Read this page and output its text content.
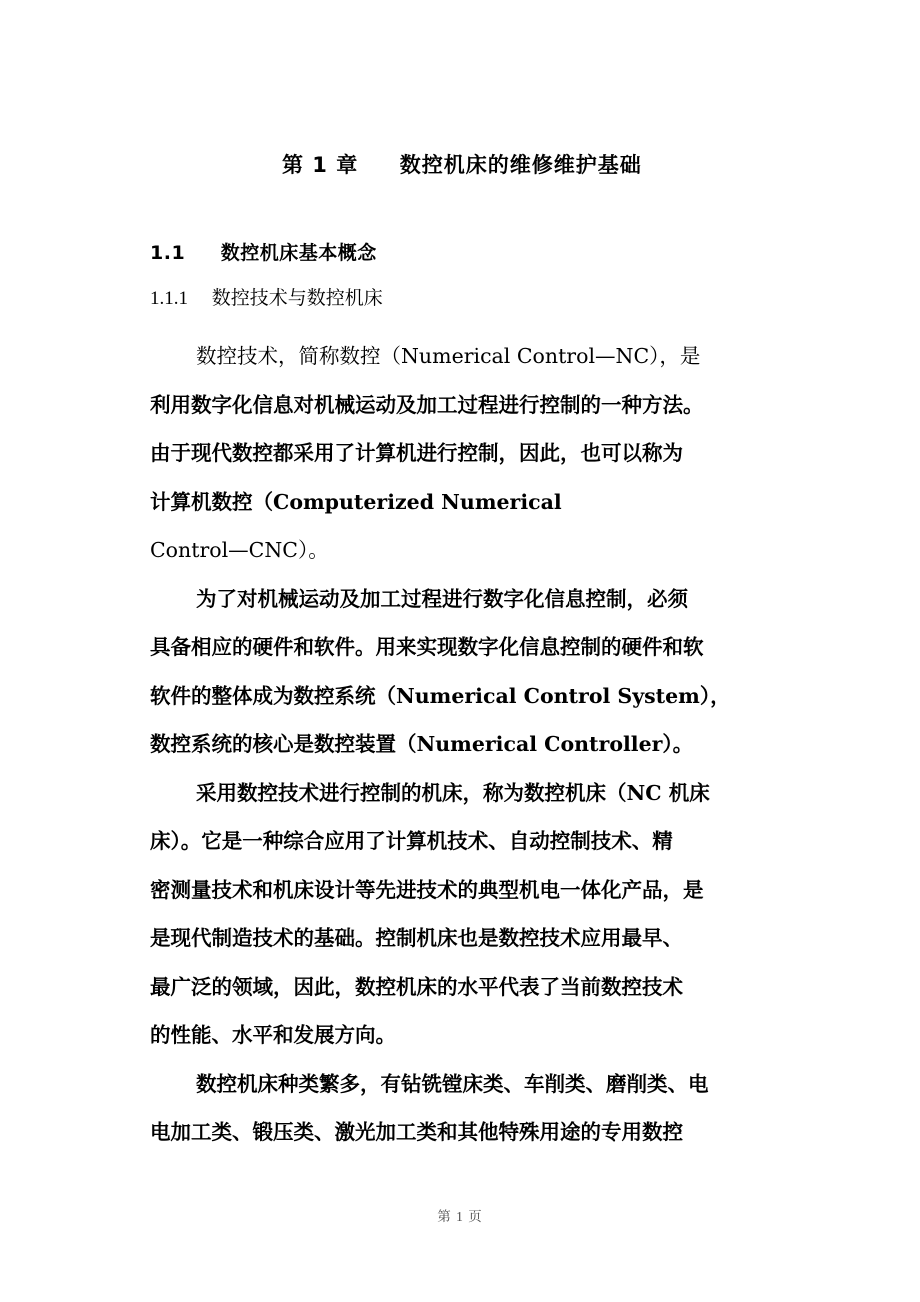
第 1 章     数控机床的维修维护基础
1.1     数控机床基本概念
1.1.1     数控技术与数控机床
数控技术，简称数控（Numerical Control—NC），是
利用数字化信息对机械运动及加工过程进行控制的一种方法。
由于现代数控都采用了计算机进行控制，因此，也可以称为
计算机数控（Computerized Numerical
Control—CNC）。
为了对机械运动及加工过程进行数字化信息控制，必须
具备相应的硬件和软件。用来实现数字化信息控制的硬件和软
软件的整体成为数控系统（Numerical Control System），
数控系统的核心是数控装置（Numerical Controller）。
采用数控技术进行控制的机床，称为数控机床（NC 机床
床）。它是一种综合应用了计算机技术、自动控制技术、精
密测量技术和机床设计等先进技术的典型机电一体化产品，是
是现代制造技术的基础。控制机床也是数控技术应用最早、
最广泛的领域，因此，数控机床的水平代表了当前数控技术
的性能、水平和发展方向。
数控机床种类繁多，有钻铣镗床类、车削类、磨削类、电
电加工类、锻压类、激光加工类和其他特殊用途的专用数控
第 1 页
